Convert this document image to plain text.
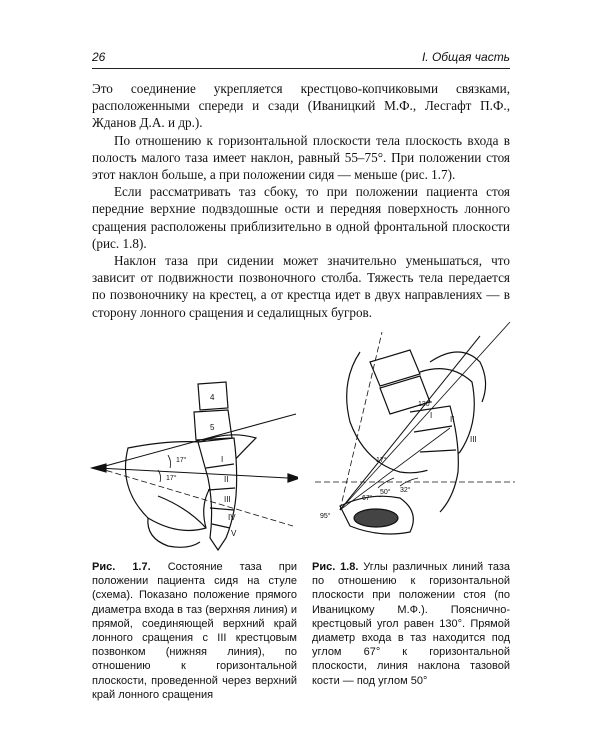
26	I. Общая часть

Это соединение укрепляется крестцово-копчиковыми связками, расположенными спереди и сзади (Иваницкий М.Ф., Лесгафт П.Ф., Жданов Д.А. и др.).

По отношению к горизонтальной плоскости тела плоскость входа в полость малого таза имеет наклон, равный 55–75°. При положении стоя этот наклон больше, а при положении сидя — меньше (рис. 1.7).

Если рассматривать таз сбоку, то при положении пациента стоя передние верхние подвздошные ости и передняя поверхность лонного сращения расположены приблизительно в одной фронтальной плоскости (рис. 1.8).

Наклон таза при сидении может значительно уменьшаться, что зависит от подвижности позвоночного столба. Тяжесть тела передается по позвоночнику на крестец, а от крестца идет в двух направлениях — в сторону лонного сращения и седалищных бугров.

4
5
I
II
III
IV
V
17°
17°
130°
I II
III
17°
67°
50° 32°
95°
Рис. 1.7. Состояние таза при положении пациента сидя на стуле (схема). Показано положение прямого диаметра входа в таз (верхняя линия) и прямой, соединяющей верхний край лонного сращения с III крестцовым позвонком (нижняя линия), по отношению к горизонтальной плоскости, проведенной через верхний край лонного сращения
Рис. 1.8. Углы различных линий таза по отношению к горизонтальной плоскости при положении стоя (по Иваницкому М.Ф.). Пояснично-крестцовый угол равен 130°. Прямой диаметр входа в таз находится под углом 67° к горизонтальной плоскости, линия наклона тазовой кости — под углом 50°
